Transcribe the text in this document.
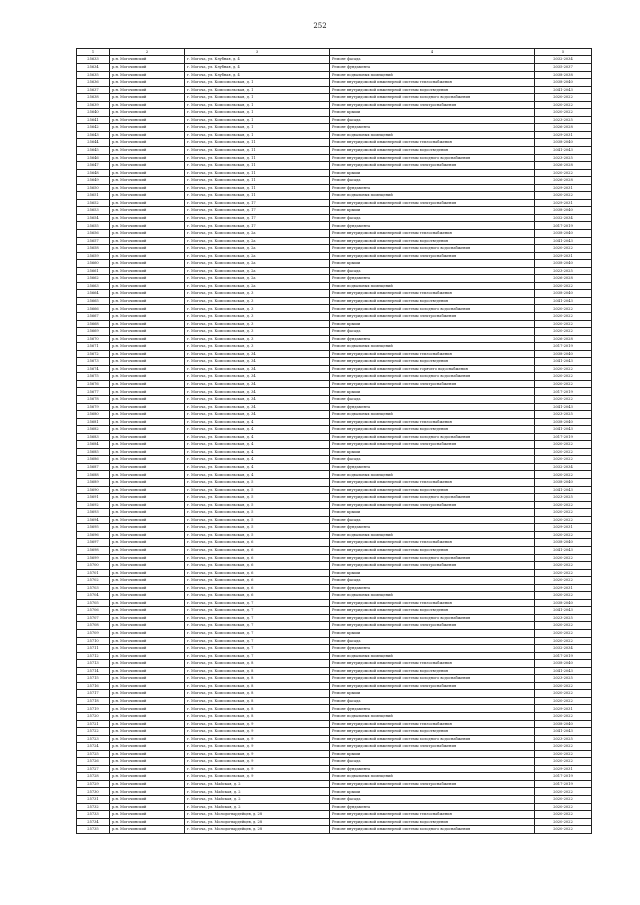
252
1	2	3	4	5
25633	р.н. Могочинский	г. Могоча, ул. Клубная, д. 4	Ремонт фасада	2032-2034
25634	р.н. Могочинский	г. Могоча, ул. Клубная, д. 4	Ремонт фундамента	2035-2037
25635	р.н. Могочинский	г. Могоча, ул. Клубная, д. 4	Ремонт подвальных помещений	2038-2038
25636	р.н. Могочинский	г. Могоча, ул. Комсомольская, д. 1	Ремонт внутридомовой инженерной системы теплоснабжения	2038-2040
25637	р.н. Могочинский	г. Могоча, ул. Комсомольская, д. 1	Ремонт внутридомовой инженерной системы водоотведения	2041-2043
25638	р.н. Могочинский	г. Могоча, ул. Комсомольская, д. 1	Ремонт внутридомовой инженерной системы холодного водоснабжения	2020-2022
25639	р.н. Могочинский	г. Могоча, ул. Комсомольская, д. 1	Ремонт внутридомовой инженерной системы электроснабжения	2020-2022
25640	р.н. Могочинский	г. Могоча, ул. Комсомольская, д. 1	Ремонт крыши	2020-2022
25641	р.н. Могочинский	г. Могоча, ул. Комсомольская, д. 1	Ремонт фасада	2023-2025
25642	р.н. Могочинский	г. Могоча, ул. Комсомольская, д. 1	Ремонт фундамента	2026-2028
25643	р.н. Могочинский	г. Могоча, ул. Комсомольская, д. 1	Ремонт подвальных помещений	2029-2031
25644	р.н. Могочинский	г. Могоча, ул. Комсомольская, д. 11	Ремонт внутридомовой инженерной системы теплоснабжения	2038-2040
25645	р.н. Могочинский	г. Могоча, ул. Комсомольская, д. 11	Ремонт внутридомовой инженерной системы водоотведения	2041-2043
25646	р.н. Могочинский	г. Могоча, ул. Комсомольская, д. 11	Ремонт внутридомовой инженерной системы холодного водоснабжения	2023-2025
25647	р.н. Могочинский	г. Могоча, ул. Комсомольская, д. 11	Ремонт внутридомовой инженерной системы электроснабжения	2026-2028
25648	р.н. Могочинский	г. Могоча, ул. Комсомольская, д. 11	Ремонт крыши	2020-2022
25649	р.н. Могочинский	г. Могоча, ул. Комсомольская, д. 11	Ремонт фасада	2026-2028
25650	р.н. Могочинский	г. Могоча, ул. Комсомольская, д. 11	Ремонт фундамента	2029-2031
25651	р.н. Могочинский	г. Могоча, ул. Комсомольская, д. 11	Ремонт подвальных помещений	2020-2022
25652	р.н. Могочинский	г. Могоча, ул. Комсомольская, д. 17	Ремонт внутридомовой инженерной системы электроснабжения	2029-2031
25653	р.н. Могочинский	г. Могоча, ул. Комсомольская, д. 17	Ремонт крыши	2038-2040
25654	р.н. Могочинский	г. Могоча, ул. Комсомольская, д. 17	Ремонт фасада	2032-2034
25655	р.н. Могочинский	г. Могоча, ул. Комсомольская, д. 17	Ремонт фундамента	2017-2019
25656	р.н. Могочинский	г. Могоча, ул. Комсомольская, д. 2а	Ремонт внутридомовой инженерной системы теплоснабжения	2038-2040
25657	р.н. Могочинский	г. Могоча, ул. Комсомольская, д. 2а	Ремонт внутридомовой инженерной системы водоотведения	2041-2043
25658	р.н. Могочинский	г. Могоча, ул. Комсомольская, д. 2а	Ремонт внутридомовой инженерной системы холодного водоснабжения	2020-2022
25659	р.н. Могочинский	г. Могоча, ул. Комсомольская, д. 2а	Ремонт внутридомовой инженерной системы электроснабжения	2029-2031
25660	р.н. Могочинский	г. Могоча, ул. Комсомольская, д. 2а	Ремонт крыши	2038-2040
25661	р.н. Могочинский	г. Могоча, ул. Комсомольская, д. 2а	Ремонт фасада	2023-2025
25662	р.н. Могочинский	г. Могоча, ул. Комсомольская, д. 2а	Ремонт фундамента	2026-2028
25663	р.н. Могочинский	г. Могоча, ул. Комсомольская, д. 2а	Ремонт подвальных помещений	2020-2022
25664	р.н. Могочинский	г. Могоча, ул. Комсомольская, д. 3	Ремонт внутридомовой инженерной системы теплоснабжения	2038-2040
25665	р.н. Могочинский	г. Могоча, ул. Комсомольская, д. 3	Ремонт внутридомовой инженерной системы водоотведения	2041-2043
25666	р.н. Могочинский	г. Могоча, ул. Комсомольская, д. 3	Ремонт внутридомовой инженерной системы холодного водоснабжения	2020-2022
25667	р.н. Могочинский	г. Могоча, ул. Комсомольская, д. 3	Ремонт внутридомовой инженерной системы электроснабжения	2020-2022
25668	р.н. Могочинский	г. Могоча, ул. Комсомольская, д. 3	Ремонт крыши	2020-2022
25669	р.н. Могочинский	г. Могоча, ул. Комсомольская, д. 3	Ремонт фасада	2020-2022
25670	р.н. Могочинский	г. Могоча, ул. Комсомольская, д. 3	Ремонт фундамента	2026-2028
25671	р.н. Могочинский	г. Могоча, ул. Комсомольская, д. 3	Ремонт подвальных помещений	2017-2019
25672	р.н. Могочинский	г. Могоча, ул. Комсомольская, д. 34	Ремонт внутридомовой инженерной системы теплоснабжения	2038-2040
25673	р.н. Могочинский	г. Могоча, ул. Комсомольская, д. 34	Ремонт внутридомовой инженерной системы водоотведения	2041-2043
25674	р.н. Могочинский	г. Могоча, ул. Комсомольская, д. 34	Ремонт внутридомовой инженерной системы горячего водоснабжения	2020-2022
25675	р.н. Могочинский	г. Могоча, ул. Комсомольская, д. 34	Ремонт внутридомовой инженерной системы холодного водоснабжения	2020-2022
25676	р.н. Могочинский	г. Могоча, ул. Комсомольская, д. 34	Ремонт внутридомовой инженерной системы электроснабжения	2020-2022
25677	р.н. Могочинский	г. Могоча, ул. Комсомольская, д. 34	Ремонт крыши	2017-2019
25678	р.н. Могочинский	г. Могоча, ул. Комсомольская, д. 34	Ремонт фасада	2020-2022
25679	р.н. Могочинский	г. Могоча, ул. Комсомольская, д. 34	Ремонт фундамента	2041-2043
25680	р.н. Могочинский	г. Могоча, ул. Комсомольская, д. 34	Ремонт подвальных помещений	2023-2025
25681	р.н. Могочинский	г. Могоча, ул. Комсомольская, д. 4	Ремонт внутридомовой инженерной системы теплоснабжения	2038-2040
25682	р.н. Могочинский	г. Могоча, ул. Комсомольская, д. 4	Ремонт внутридомовой инженерной системы водоотведения	2041-2043
25683	р.н. Могочинский	г. Могоча, ул. Комсомольская, д. 4	Ремонт внутридомовой инженерной системы холодного водоснабжения	2017-2019
25684	р.н. Могочинский	г. Могоча, ул. Комсомольская, д. 4	Ремонт внутридомовой инженерной системы электроснабжения	2020-2022
25685	р.н. Могочинский	г. Могоча, ул. Комсомольская, д. 4	Ремонт крыши	2020-2022
25686	р.н. Могочинский	г. Могоча, ул. Комсомольская, д. 4	Ремонт фасада	2020-2022
25687	р.н. Могочинский	г. Могоча, ул. Комсомольская, д. 4	Ремонт фундамента	2032-2034
25688	р.н. Могочинский	г. Могоча, ул. Комсомольская, д. 4	Ремонт подвальных помещений	2020-2022
25689	р.н. Могочинский	г. Могоча, ул. Комсомольская, д. 5	Ремонт внутридомовой инженерной системы теплоснабжения	2038-2040
25690	р.н. Могочинский	г. Могоча, ул. Комсомольская, д. 5	Ремонт внутридомовой инженерной системы водоотведения	2041-2043
25691	р.н. Могочинский	г. Могоча, ул. Комсомольская, д. 5	Ремонт внутридомовой инженерной системы холодного водоснабжения	2023-2025
25692	р.н. Могочинский	г. Могоча, ул. Комсомольская, д. 5	Ремонт внутридомовой инженерной системы электроснабжения	2020-2022
25693	р.н. Могочинский	г. Могоча, ул. Комсомольская, д. 5	Ремонт крыши	2020-2022
25694	р.н. Могочинский	г. Могоча, ул. Комсомольская, д. 5	Ремонт фасада	2020-2022
25695	р.н. Могочинский	г. Могоча, ул. Комсомольская, д. 5	Ремонт фундамента	2029-2031
25696	р.н. Могочинский	г. Могоча, ул. Комсомольская, д. 5	Ремонт подвальных помещений	2020-2022
25697	р.н. Могочинский	г. Могоча, ул. Комсомольская, д. 6	Ремонт внутридомовой инженерной системы теплоснабжения	2038-2040
25698	р.н. Могочинский	г. Могоча, ул. Комсомольская, д. 6	Ремонт внутридомовой инженерной системы водоотведения	2041-2043
25699	р.н. Могочинский	г. Могоча, ул. Комсомольская, д. 6	Ремонт внутридомовой инженерной системы холодного водоснабжения	2020-2022
25700	р.н. Могочинский	г. Могоча, ул. Комсомольская, д. 6	Ремонт внутридомовой инженерной системы электроснабжения	2020-2022
25701	р.н. Могочинский	г. Могоча, ул. Комсомольская, д. 6	Ремонт крыши	2020-2022
25702	р.н. Могочинский	г. Могоча, ул. Комсомольская, д. 6	Ремонт фасада	2020-2022
25703	р.н. Могочинский	г. Могоча, ул. Комсомольская, д. 6	Ремонт фундамента	2029-2031
25704	р.н. Могочинский	г. Могоча, ул. Комсомольская, д. 6	Ремонт подвальных помещений	2020-2022
25705	р.н. Могочинский	г. Могоча, ул. Комсомольская, д. 7	Ремонт внутридомовой инженерной системы теплоснабжения	2038-2040
25706	р.н. Могочинский	г. Могоча, ул. Комсомольская, д. 7	Ремонт внутридомовой инженерной системы водоотведения	2041-2043
25707	р.н. Могочинский	г. Могоча, ул. Комсомольская, д. 7	Ремонт внутридомовой инженерной системы холодного водоснабжения	2023-2025
25708	р.н. Могочинский	г. Могоча, ул. Комсомольская, д. 7	Ремонт внутридомовой инженерной системы электроснабжения	2020-2022
25709	р.н. Могочинский	г. Могоча, ул. Комсомольская, д. 7	Ремонт крыши	2020-2022
25710	р.н. Могочинский	г. Могоча, ул. Комсомольская, д. 7	Ремонт фасада	2020-2022
25711	р.н. Могочинский	г. Могоча, ул. Комсомольская, д. 7	Ремонт фундамента	2032-2034
25712	р.н. Могочинский	г. Могоча, ул. Комсомольская, д. 7	Ремонт подвальных помещений	2017-2019
25713	р.н. Могочинский	г. Могоча, ул. Комсомольская, д. 8	Ремонт внутридомовой инженерной системы теплоснабжения	2038-2040
25714	р.н. Могочинский	г. Могоча, ул. Комсомольская, д. 8	Ремонт внутридомовой инженерной системы водоотведения	2041-2043
25715	р.н. Могочинский	г. Могоча, ул. Комсомольская, д. 8	Ремонт внутридомовой инженерной системы холодного водоснабжения	2023-2025
25716	р.н. Могочинский	г. Могоча, ул. Комсомольская, д. 8	Ремонт внутридомовой инженерной системы электроснабжения	2020-2022
25717	р.н. Могочинский	г. Могоча, ул. Комсомольская, д. 8	Ремонт крыши	2020-2022
25718	р.н. Могочинский	г. Могоча, ул. Комсомольская, д. 8	Ремонт фасада	2020-2022
25719	р.н. Могочинский	г. Могоча, ул. Комсомольская, д. 8	Ремонт фундамента	2029-2031
25720	р.н. Могочинский	г. Могоча, ул. Комсомольская, д. 8	Ремонт подвальных помещений	2020-2022
25721	р.н. Могочинский	г. Могоча, ул. Комсомольская, д. 9	Ремонт внутридомовой инженерной системы теплоснабжения	2038-2040
25722	р.н. Могочинский	г. Могоча, ул. Комсомольская, д. 9	Ремонт внутридомовой инженерной системы водоотведения	2041-2043
25723	р.н. Могочинский	г. Могоча, ул. Комсомольская, д. 9	Ремонт внутридомовой инженерной системы холодного водоснабжения	2023-2025
25724	р.н. Могочинский	г. Могоча, ул. Комсомольская, д. 9	Ремонт внутридомовой инженерной системы электроснабжения	2020-2022
25725	р.н. Могочинский	г. Могоча, ул. Комсомольская, д. 9	Ремонт крыши	2020-2022
25726	р.н. Могочинский	г. Могоча, ул. Комсомольская, д. 9	Ремонт фасада	2020-2022
25727	р.н. Могочинский	г. Могоча, ул. Комсомольская, д. 9	Ремонт фундамента	2029-2031
25728	р.н. Могочинский	г. Могоча, ул. Комсомольская, д. 9	Ремонт подвальных помещений	2017-2019
25729	р.н. Могочинский	г. Могоча, ул. Майская, д. 2	Ремонт внутридомовой инженерной системы электроснабжения	2017-2019
25730	р.н. Могочинский	г. Могоча, ул. Майская, д. 2	Ремонт крыши	2020-2022
25731	р.н. Могочинский	г. Могоча, ул. Майская, д. 2	Ремонт фасада	2020-2022
25732	р.н. Могочинский	г. Могоча, ул. Майская, д. 2	Ремонт фундамента	2020-2022
25733	р.н. Могочинский	г. Могоча, ул. Молодогвардейцев, д. 28	Ремонт внутридомовой инженерной системы теплоснабжения	2020-2022
25734	р.н. Могочинский	г. Могоча, ул. Молодогвардейцев, д. 28	Ремонт внутридомовой инженерной системы водоотведения	2020-2022
25735	р.н. Могочинский	г. Могоча, ул. Молодогвардейцев, д. 28	Ремонт внутридомовой инженерной системы холодного водоснабжения	2020-2022
